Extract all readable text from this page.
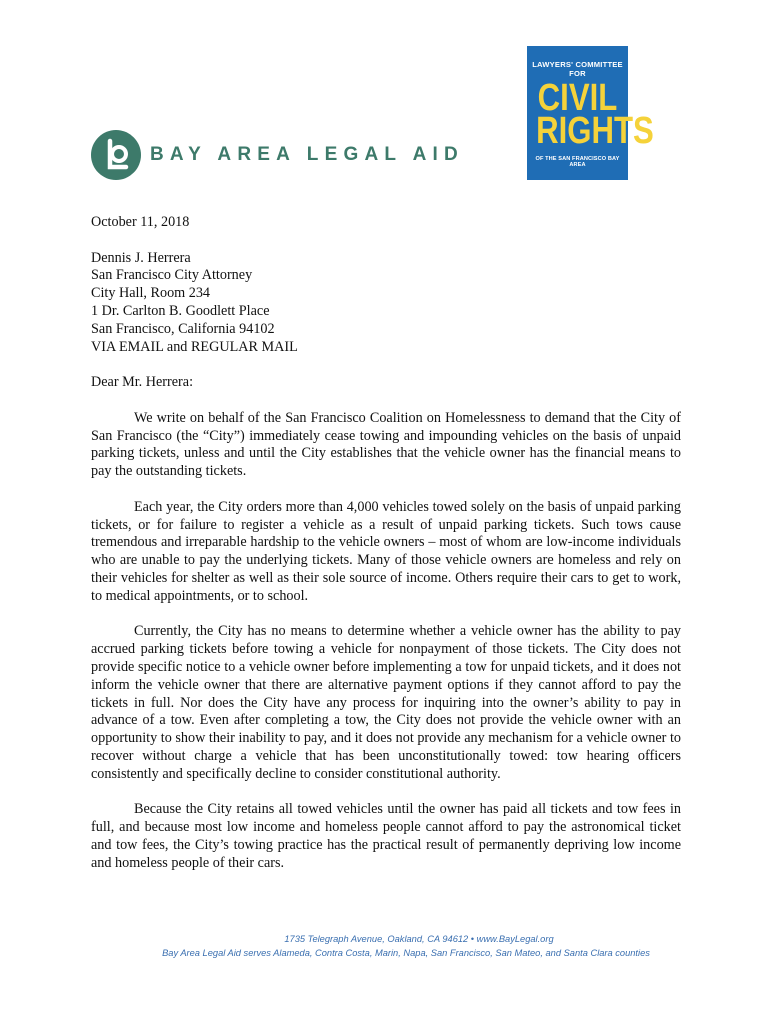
BAY AREA LEGAL AID
LAWYERS' COMMITTEE FOR
CIVIL
RIGHTS
OF THE SAN FRANCISCO BAY AREA

October 11, 2018

Dennis J. Herrera

San Francisco City Attorney

City Hall, Room 234

1 Dr. Carlton B. Goodlett Place

San Francisco, California 94102

VIA EMAIL and REGULAR MAIL

Dear Mr. Herrera:

We write on behalf of the San Francisco Coalition on Homelessness to demand that the City of San Francisco (the “City”) immediately cease towing and impounding vehicles on the basis of unpaid parking tickets, unless and until the City establishes that the vehicle owner has the financial means to pay the outstanding tickets.

Each year, the City orders more than 4,000 vehicles towed solely on the basis of unpaid parking tickets, or for failure to register a vehicle as a result of unpaid parking tickets. Such tows cause tremendous and irreparable hardship to the vehicle owners – most of whom are low-income individuals who are unable to pay the underlying tickets. Many of those vehicle owners are homeless and rely on their vehicles for shelter as well as their sole source of income. Others require their cars to get to work, to medical appointments, or to school.

Currently, the City has no means to determine whether a vehicle owner has the ability to pay accrued parking tickets before towing a vehicle for nonpayment of those tickets. The City does not provide specific notice to a vehicle owner before implementing a tow for unpaid tickets, and it does not inform the vehicle owner that there are alternative payment options if they cannot afford to pay the tickets in full. Nor does the City have any process for inquiring into the owner’s ability to pay in advance of a tow. Even after completing a tow, the City does not provide the vehicle owner with an opportunity to show their inability to pay, and it does not provide any mechanism for a vehicle owner to recover without charge a vehicle that has been unconstitutionally towed: tow hearing officers consistently and specifically decline to consider constitutional authority.

Because the City retains all towed vehicles until the owner has paid all tickets and tow fees in full, and because most low income and homeless people cannot afford to pay the astronomical ticket and tow fees, the City’s towing practice has the practical result of permanently depriving low income and homeless people of their cars.

1735 Telegraph Avenue, Oakland, CA 94612 • www.BayLegal.org
Bay Area Legal Aid serves Alameda, Contra Costa, Marin, Napa, San Francisco, San Mateo, and Santa Clara counties
